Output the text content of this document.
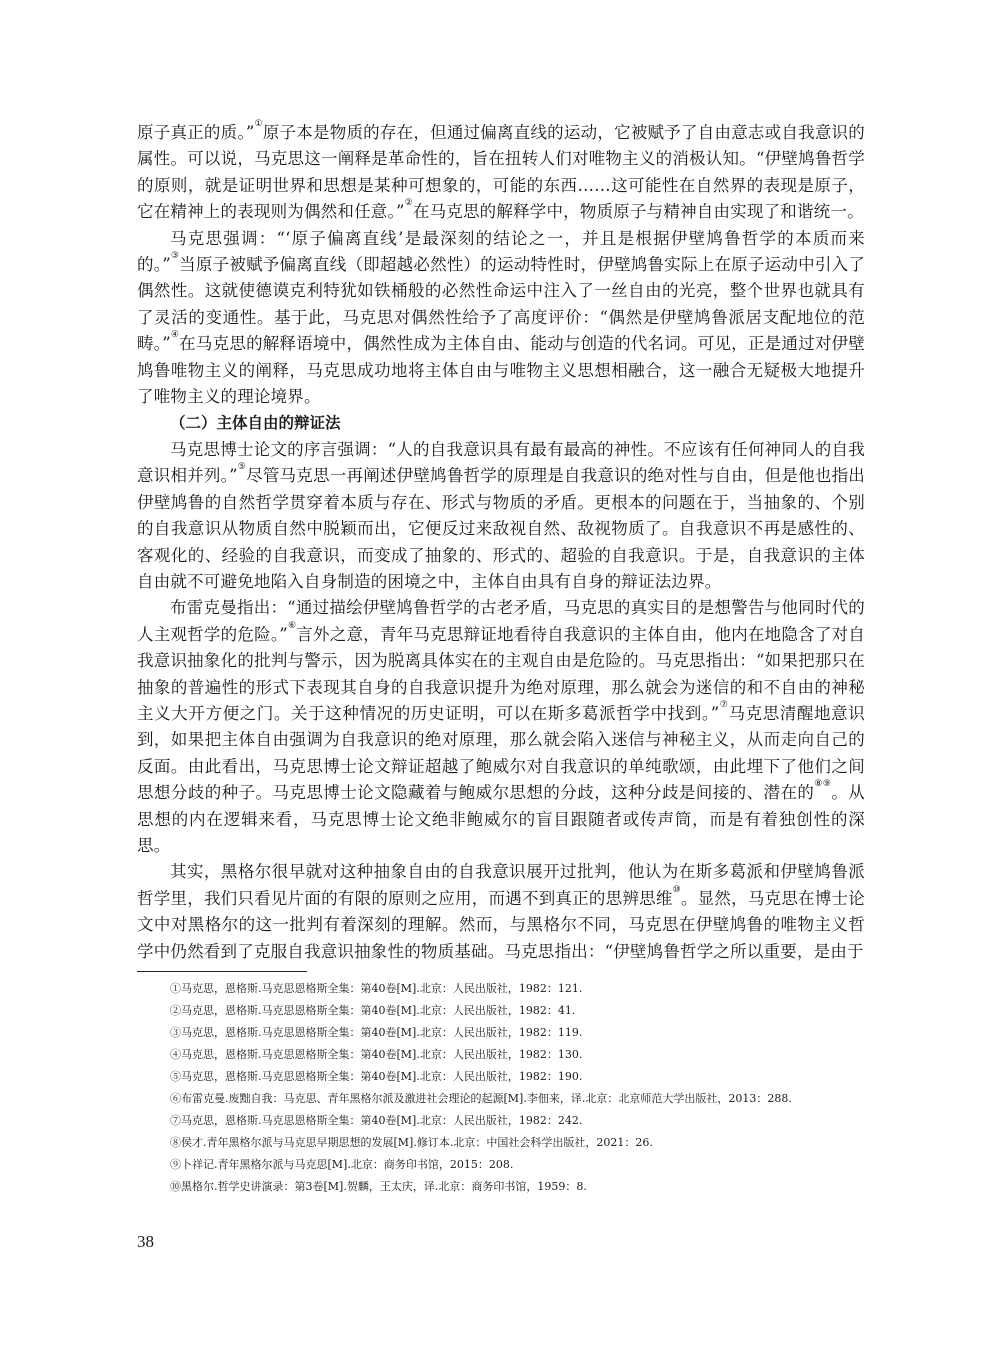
原子真正的质。”①原子本是物质的存在，但通过偏离直线的运动，它被赋予了自由意志或自我意识的属性。可以说，马克思这一阐释是革命性的，旨在扭转人们对唯物主义的消极认知。“伊壁鸠鲁哲学的原则，就是证明世界和思想是某种可想象的，可能的东西……这可能性在自然界的表现是原子，它在精神上的表现则为偶然和任意。”②在马克思的解释学中，物质原子与精神自由实现了和谐统一。

马克思强调：“‘原子偏离直线’是最深刻的结论之一，并且是根据伊壁鸠鲁哲学的本质而来的。”③当原子被赋予偏离直线（即超越必然性）的运动特性时，伊壁鸠鲁实际上在原子运动中引入了偶然性。这就使德谟克利特犹如铁桶般的必然性命运中注入了一丝自由的光亮，整个世界也就具有了灵活的变通性。基于此，马克思对偶然性给予了高度评价：“偶然是伊壁鸠鲁派居支配地位的范畴。”④在马克思的解释语境中，偶然性成为主体自由、能动与创造的代名词。可见，正是通过对伊壁鸠鲁唯物主义的阐释，马克思成功地将主体自由与唯物主义思想相融合，这一融合无疑极大地提升了唯物主义的理论境界。

（二）主体自由的辩证法

马克思博士论文的序言强调：“人的自我意识具有最有最高的神性。不应该有任何神同人的自我意识相并列。”⑤尽管马克思一再阐述伊壁鸠鲁哲学的原理是自我意识的绝对性与自由，但是他也指出伊壁鸠鲁的自然哲学贯穿着本质与存在、形式与物质的矛盾。更根本的问题在于，当抽象的、个别的自我意识从物质自然中脱颖而出，它便反过来敌视自然、敌视物质了。自我意识不再是感性的、客观化的、经验的自我意识，而变成了抽象的、形式的、超验的自我意识。于是，自我意识的主体自由就不可避免地陷入自身制造的困境之中，主体自由具有自身的辩证法边界。

布雷克曼指出：“通过描绘伊壁鸠鲁哲学的古老矛盾，马克思的真实目的是想警告与他同时代的人主观哲学的危险。”⑥言外之意，青年马克思辩证地看待自我意识的主体自由，他内在地隐含了对自我意识抽象化的批判与警示，因为脱离具体实在的主观自由是危险的。马克思指出：“如果把那只在抽象的普遍性的形式下表现其自身的自我意识提升为绝对原理，那么就会为迷信的和不自由的神秘主义大开方便之门。关于这种情况的历史证明，可以在斯多葛派哲学中找到。”⑦马克思清醒地意识到，如果把主体自由强调为自我意识的绝对原理，那么就会陷入迷信与神秘主义，从而走向自己的反面。由此看出，马克思博士论文辩证超越了鲍威尔对自我意识的单纯歌颂，由此埋下了他们之间思想分歧的种子。马克思博士论文隐藏着与鲍威尔思想的分歧，这种分歧是间接的、潜在的⑧⑨。从思想的内在逻辑来看，马克思博士论文绝非鲍威尔的盲目跟随者或传声筒，而是有着独创性的深思。

其实，黑格尔很早就对这种抽象自由的自我意识展开过批判，他认为在斯多葛派和伊壁鸠鲁派哲学里，我们只看见片面的有限的原则之应用，而遇不到真正的思辨思维⑩。显然，马克思在博士论文中对黑格尔的这一批判有着深刻的理解。然而，与黑格尔不同，马克思在伊壁鸠鲁的唯物主义哲学中仍然看到了克服自我意识抽象性的物质基础。马克思指出：“伊壁鸠鲁哲学之所以重要，是由于

①马克思，恩格斯.马克思恩格斯全集：第40卷[M].北京：人民出版社，1982：121.
②马克思，恩格斯.马克思恩格斯全集：第40卷[M].北京：人民出版社，1982：41.
③马克思，恩格斯.马克思恩格斯全集：第40卷[M].北京：人民出版社，1982：119.
④马克思，恩格斯.马克思恩格斯全集：第40卷[M].北京：人民出版社，1982：130.
⑤马克思，恩格斯.马克思恩格斯全集：第40卷[M].北京：人民出版社，1982：190.
⑥布雷克曼.废黜自我：马克思、青年黑格尔派及激进社会理论的起源[M].李佃来，译.北京：北京师范大学出版社，2013：288.
⑦马克思，恩格斯.马克思恩格斯全集：第40卷[M].北京：人民出版社，1982：242.
⑧侯才.青年黑格尔派与马克思早期思想的发展[M].修订本.北京：中国社会科学出版社，2021：26.
⑨卜祥记.青年黑格尔派与马克思[M].北京：商务印书馆，2015：208.
⑩黑格尔.哲学史讲演录：第3卷[M].贺麟，王太庆，译.北京：商务印书馆，1959：8.
38
